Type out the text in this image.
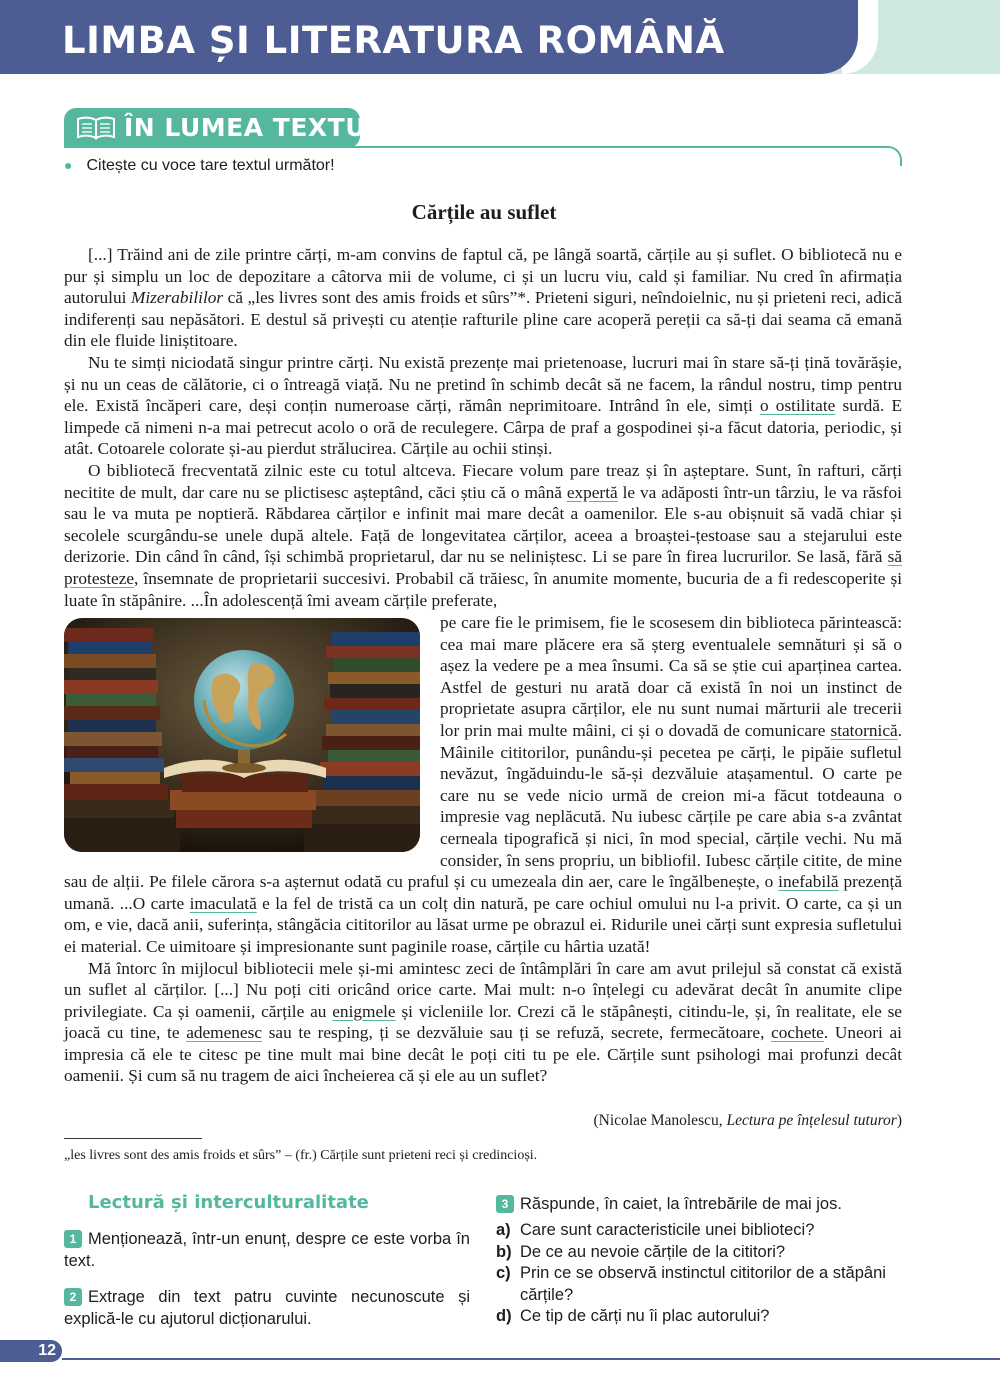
LIMBA ȘI LITERATURA ROMÂNĂ
ÎN LUMEA TEXTULUI
● Citește cu voce tare textul următor!
Cărțile au suflet

[...] Trăind ani de zile printre cărți, m-am convins de faptul că, pe lângă soartă, cărțile au și suflet. O bibliotecă nu e pur și simplu un loc de depozitare a câtorva mii de volume, ci și un lucru viu, cald și familiar. Nu cred în afirmația autorului Mizerabililor că „les livres sont des amis froids et sûrs”*. Prieteni siguri, neîndoielnic, nu și prieteni reci, adică indiferenți sau nepăsători. E destul să privești cu atenție rafturile pline care acoperă pereții ca să-ți dai seama că emană din ele fluide liniștitoare.

Nu te simți niciodată singur printre cărți. Nu există prezențe mai prietenoase, lucruri mai în stare să-ți țină tovărășie, și nu un ceas de călătorie, ci o întreagă viață. Nu ne pretind în schimb decât să ne facem, la rândul nostru, timp pentru ele. Există încăperi care, deși conțin numeroase cărți, rămân neprimitoare. Intrând în ele, simți o ostilitate surdă. E limpede că nimeni n-a mai petrecut acolo o oră de reculegere. Cârpa de praf a gospodinei și-a făcut datoria, periodic, și atât. Cotoarele colorate și-au pierdut strălucirea. Cărțile au ochii stinși.

O bibliotecă frecventată zilnic este cu totul altceva. Fiecare volum pare treaz și în așteptare. Sunt, în rafturi, cărți necitite de mult, dar care nu se plictisesc așteptând, căci știu că o mână expertă le va adăposti într-un târziu, le va răsfoi sau le va muta pe noptieră. Răbdarea cărților e infinit mai mare decât a oamenilor. Ele s-au obișnuit să vadă chiar și secolele scurgându-se unele după altele. Față de longevitatea cărților, aceea a broaștei-țestoase sau a stejarului este derizorie. Din când în când, își schimbă proprietarul, dar nu se neliniștesc. Li se pare în firea lucrurilor. Se lasă, fără să protesteze, însemnate de proprietarii succesivi. Probabil că trăiesc, în anumite momente, bucuria de a fi redescoperite și luate în stăpânire. ...În adolescență îmi aveam cărțile preferate,

pe care fie le primisem, fie le scosesem din biblioteca părintească: cea mai mare plăcere era să șterg eventualele semnături și să o așez la vedere pe a mea însumi. Ca să se știe cui aparținea cartea. Astfel de gesturi nu arată doar că există în noi un instinct de proprietate asupra cărților, ele nu sunt numai mărturii ale trecerii lor prin mai multe mâini, ci și o dovadă de comunicare statornică. Mâinile cititorilor, punându-și pecetea pe cărți, le pipăie sufletul nevăzut, îngăduindu-le să-și dezvăluie atașamentul. O carte pe care nu se vede nicio urmă de creion mi-a făcut totdeauna o impresie vag neplăcută. Nu iubesc cărțile pe care abia s-a zvântat cerneala tipografică și nici, în mod special, cărțile vechi. Nu mă consider, în sens propriu, un bibliofil. Iubesc cărțile citite, de mine sau de alții. Pe filele cărora s-a așternut odată cu praful și cu umezeala din aer, care le îngălbenește, o inefabilă prezență umană. ...O carte imaculată e la fel de tristă ca un colț din natură, pe care ochiul omului nu l-a privit. O carte, ca și un om, e vie, dacă anii, suferința, stângăcia cititorilor au lăsat urme pe obrazul ei. Ridurile unei cărți sunt expresia sufletului ei material. Ce uimitoare și impresionante sunt paginile roase, cărțile cu hârtia uzată!

Mă întorc în mijlocul bibliotecii mele și-mi amintesc zeci de întâmplări în care am avut prilejul să constat că există un suflet al cărților. [...] Nu poți citi oricând orice carte. Mai mult: n-o înțelegi cu adevărat decât în anumite clipe privilegiate. Ca și oamenii, cărțile au enigmele și vicleniile lor. Crezi că le stăpânești, citindu-le, și, în realitate, ele se joacă cu tine, te ademenesc sau te resping, ți se dezvăluie sau ți se refuză, secrete, fermecătoare, cochete. Uneori ai impresia că ele te citesc pe tine mult mai bine decât le poți citi tu pe ele. Cărțile sunt psihologi mai profunzi decât oamenii. Și cum să nu tragem de aici încheierea că și ele au un suflet?

(Nicolae Manolescu, Lectura pe înțelesul tuturor)

„les livres sont des amis froids et sûrs” – (fr.) Cărțile sunt prieteni reci și credincioși.

Lectură și interculturalitate
1 Menționează, într-un enunț, despre ce este vorba în text.
2 Extrage din text patru cuvinte necunoscute și explică-le cu ajutorul dicționarului.
3 Răspunde, în caiet, la întrebările de mai jos.
a) Care sunt caracteristicile unei biblioteci?
b) De ce au nevoie cărțile de la cititori?
c) Prin ce se observă instinctul cititorilor de a stăpâni cărțile?
d) Ce tip de cărți nu îi plac autorului?
12
